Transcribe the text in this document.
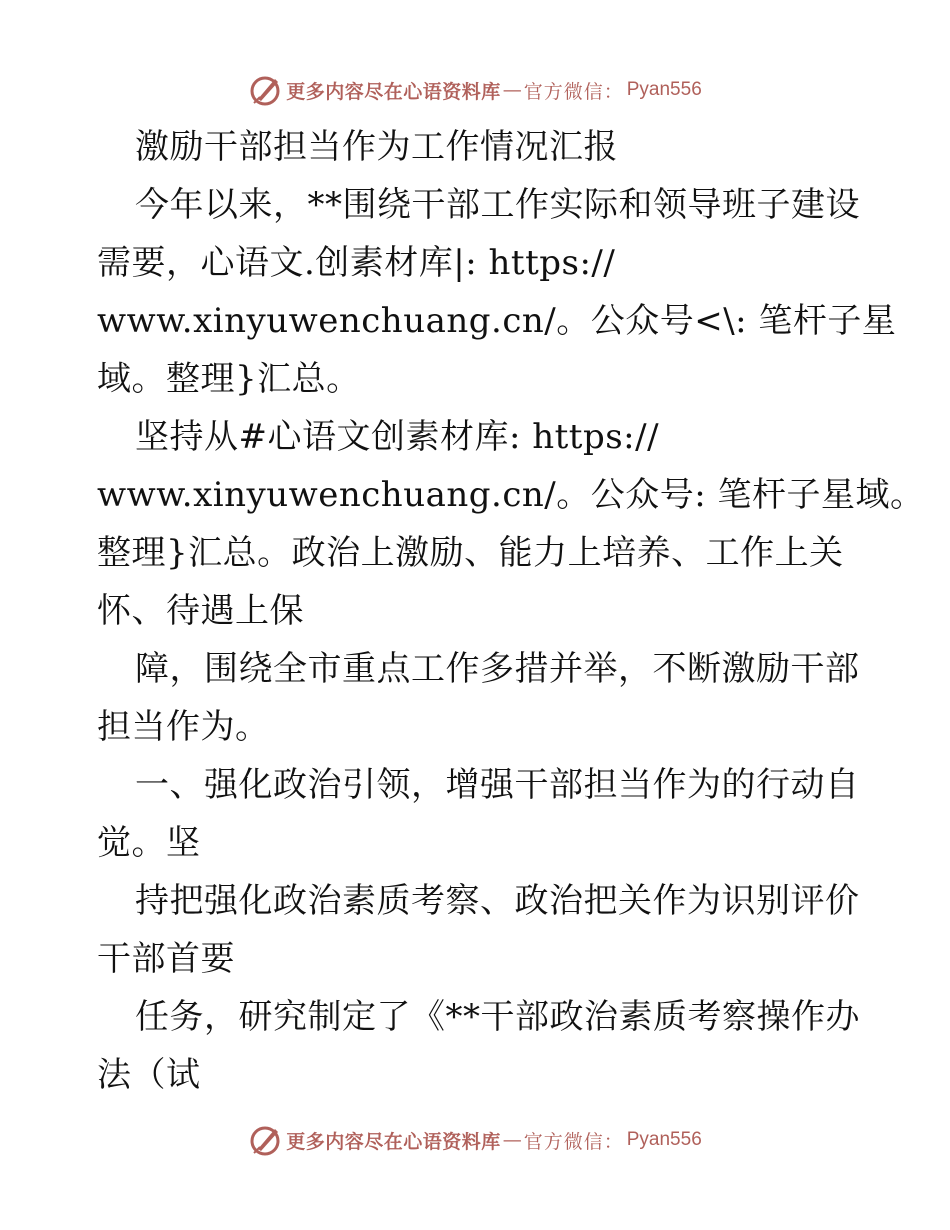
更多内容尽在心语资料库 — 官方微信： Pyan556
激励干部担当作为工作情况汇报
今年以来，**围绕干部工作实际和领导班子建设
需要，心语文.创素材库|: https://
www.xinyuwenchuang.cn/。公众号<\: 笔杆子星
域。整理}汇总。
坚持从#心语文创素材库: https://
www.xinyuwenchuang.cn/。公众号: 笔杆子星域。
整理}汇总。政治上激励、能力上培养、工作上关
怀、待遇上保
障，围绕全市重点工作多措并举，不断激励干部
担当作为。
一、强化政治引领，增强干部担当作为的行动自
觉。坚
持把强化政治素质考察、政治把关作为识别评价
干部首要
任务，研究制定了《**干部政治素质考察操作办
法（试
更多内容尽在心语资料库 — 官方微信： Pyan556
